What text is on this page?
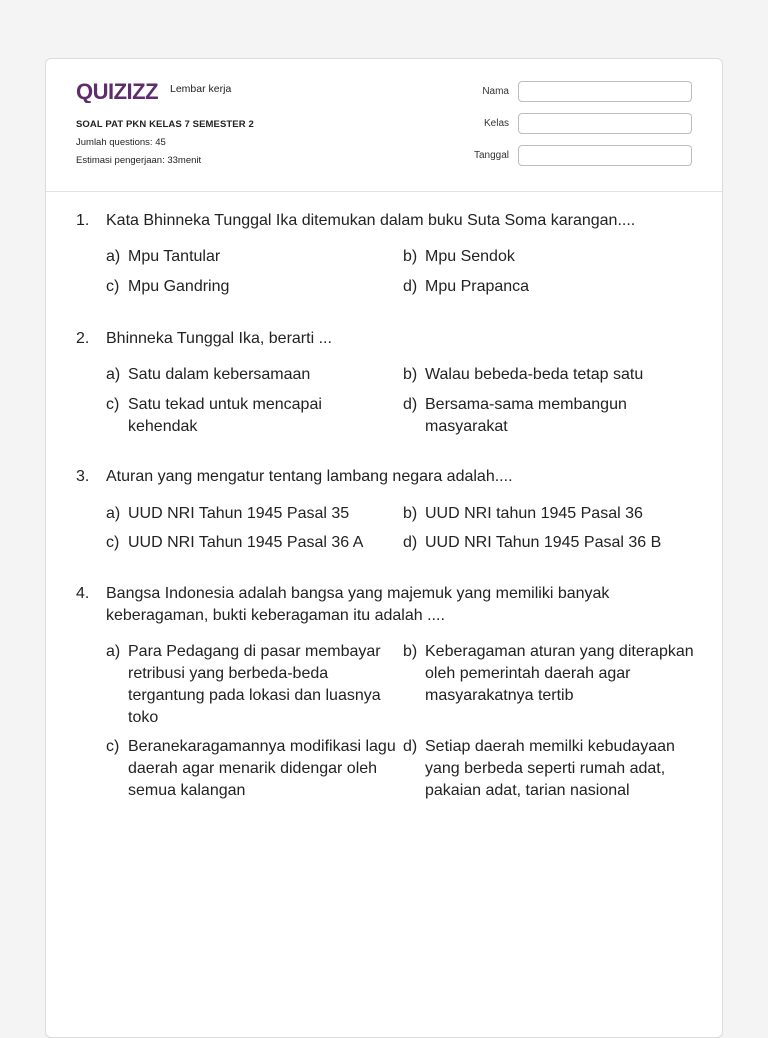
QUIZIZZ Lembar kerja
SOAL PAT PKN KELAS 7 SEMESTER 2
Jumlah questions: 45
Estimasi pengerjaan: 33menit
Nama
Kelas
Tanggal
1.	Kata Bhinneka Tunggal Ika ditemukan dalam buku Suta Soma karangan....
a) Mpu Tantular	b) Mpu Sendok
c) Mpu Gandring	d) Mpu Prapanca
2.	Bhinneka Tunggal Ika, berarti ...
a) Satu dalam kebersamaan	b) Walau bebeda-beda tetap satu
c) Satu tekad untuk mencapai kehendak
d) Bersama-sama membangun masyarakat
3.	Aturan yang mengatur tentang lambang negara adalah....
a) UUD NRI Tahun 1945 Pasal 35	b) UUD NRI tahun 1945 Pasal 36
c) UUD NRI Tahun 1945 Pasal 36 A	d) UUD NRI Tahun 1945 Pasal 36 B
4.	Bangsa Indonesia adalah bangsa yang majemuk yang memiliki banyak keberagaman, bukti keberagaman itu adalah ....
a) Para Pedagang di pasar membayar retribusi yang berbeda-beda tergantung pada lokasi dan luasnya toko
b) Keberagaman aturan yang diterapkan oleh pemerintah daerah agar masyarakatnya tertib
c) Beranekaragamannya modifikasi lagu daerah agar menarik didengar oleh semua kalangan
d) Setiap daerah memilki kebudayaan yang berbeda seperti rumah adat, pakaian adat, tarian nasional
